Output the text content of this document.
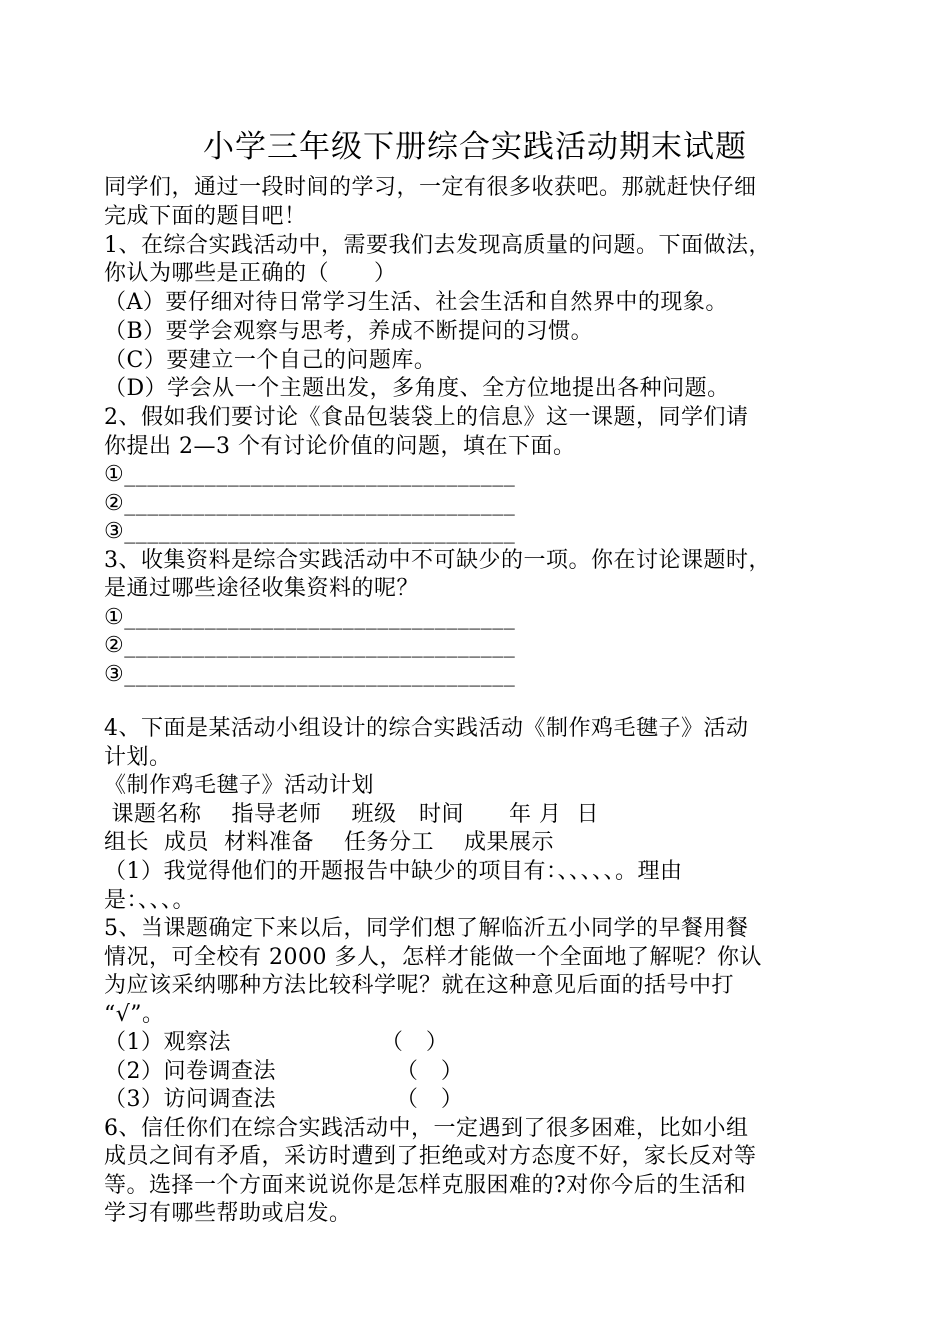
小学三年级下册综合实践活动期末试题
同学们，通过一段时间的学习，一定有很多收获吧。那就赶快仔细
完成下面的题目吧！
1、在综合实践活动中，需要我们去发现高质量的问题。下面做法，
你认为哪些是正确的（　　）
（A）要仔细对待日常学习生活、社会生活和自然界中的现象。
（B）要学会观察与思考，养成不断提问的习惯。
（C）要建立一个自己的问题库。
（D）学会从一个主题出发，多角度、全方位地提出各种问题。
2、假如我们要讨论《食品包装袋上的信息》这一课题，同学们请
你提出 2—3 个有讨论价值的问题，填在下面。
①__________________________________
②__________________________________
③__________________________________
3、收集资料是综合实践活动中不可缺少的一项。你在讨论课题时，
是通过哪些途径收集资料的呢？
①__________________________________
②__________________________________
③__________________________________
4、下面是某活动小组设计的综合实践活动《制作鸡毛毽子》活动
计划。
《制作鸡毛毽子》活动计划
课题名称　 指导老师　 班级　时间　　年 月  日
组长  成员  材料准备　 任务分工　 成果展示
（1）我觉得他们的开题报告中缺少的项目有：、、、、、。理由
是：、、、。
5、当课题确定下来以后，同学们想了解临沂五小同学的早餐用餐
情况，可全校有 2000 多人，怎样才能做一个全面地了解呢？你认
为应该采纳哪种方法比较科学呢？就在这种意见后面的括号中打
“√”。
（1）观察法                    （   ）
（2）问卷调查法                （   ）
（3）访问调查法                （   ）
6、信任你们在综合实践活动中，一定遇到了很多困难，比如小组
成员之间有矛盾，采访时遭到了拒绝或对方态度不好，家长反对等
等。选择一个方面来说说你是怎样克服困难的?对你今后的生活和
学习有哪些帮助或启发。
